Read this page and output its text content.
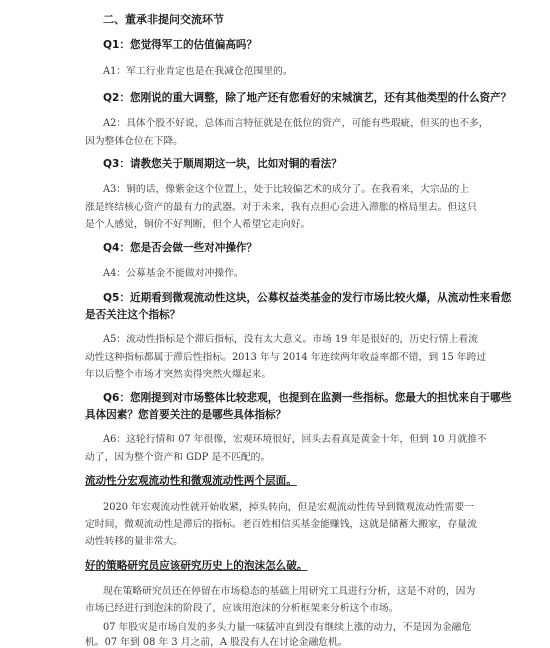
二、董承非提问交流环节
Q1：您觉得军工的估值偏高吗？
A1：军工行业肯定也是在我减仓范围里的。
Q2：您刚说的重大调整，除了地产还有您看好的宋城演艺，还有其他类型的什么资产？
A2：具体个股不好说，总体而言特征就是在低位的资产，可能有些瑕疵，但买的也不多，
因为整体仓位在下降。
Q3：请教您关于顺周期这一块，比如对铜的看法？
A3：铜的话，像紫金这个位置上，处于比较偏艺术的成分了。在我看来，大宗品的上
涨是终结核心资产的最有力的武器。对于未来，我有点担心会进入滞胀的格局里去。但这只
是个人感觉，铜价不好判断，但个人希望它走向好。
Q4：您是否会做一些对冲操作？
A4：公募基金不能做对冲操作。
Q5：近期看到微观流动性这块，公募权益类基金的发行市场比较火爆，从流动性来看您
是否关注这个指标？
A5：流动性指标是个滞后指标，没有太大意义。市场 19 年是很好的，历史行情上看流
动性这种指标都属于滞后性指标。2013 年与 2014 年连续两年收益率都不错，到 15 年跨过
年以后整个市场才突然卖得突然火爆起来。
Q6：您刚提到对市场整体比较悲观，也提到在监测一些指标。您最大的担忧来自于哪些
具体因素？您首要关注的是哪些具体指标？
A6：这轮行情和 07 年很像，宏观环境很好，回头去看真是黄金十年，但到 10 月就推不
动了，因为整个资产和 GDP 是不匹配的。
流动性分宏观流动性和微观流动性两个层面。
2020 年宏观流动性就开始收紧，掉头转向，但是宏观流动性传导到微观流动性需要一
定时间，微观流动性是滞后的指标。老百姓相信买基金能赚钱，这就是储蓄大搬家，存量流
动性转移的量非常大。
好的策略研究员应该研究历史上的泡沫怎么破。
现在策略研究员还在停留在市场稳态的基础上用研究工具进行分析，这是不对的，因为
市场已经进行到泡沫的阶段了，应该用泡沫的分析框架来分析这个市场。
07 年股灾是市场自发的多头力量一味猛冲直到没有继续上涨的动力，不是因为金融危
机。07 年到 08 年 3 月之前，A 股没有人在讨论金融危机。
